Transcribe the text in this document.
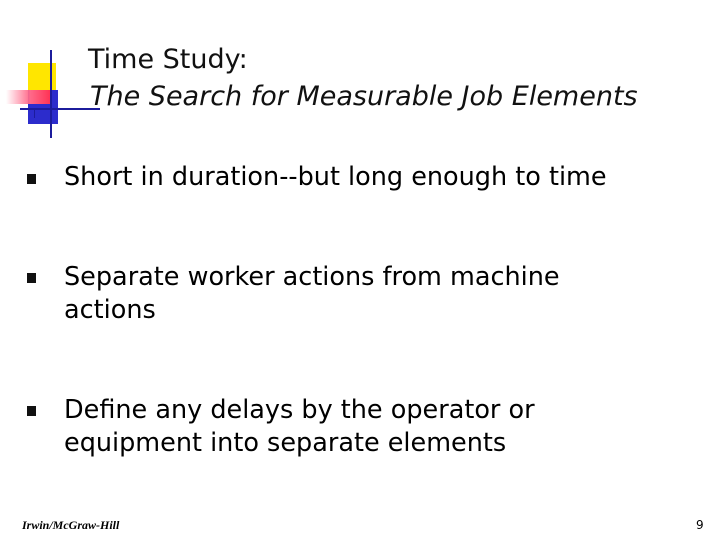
Time Study:
The Search for Measurable Job Elements
Short in duration--but long enough to time
Separate worker actions from machine actions
Define any delays by the operator or equipment into separate elements
Irwin/McGraw-Hill	9
